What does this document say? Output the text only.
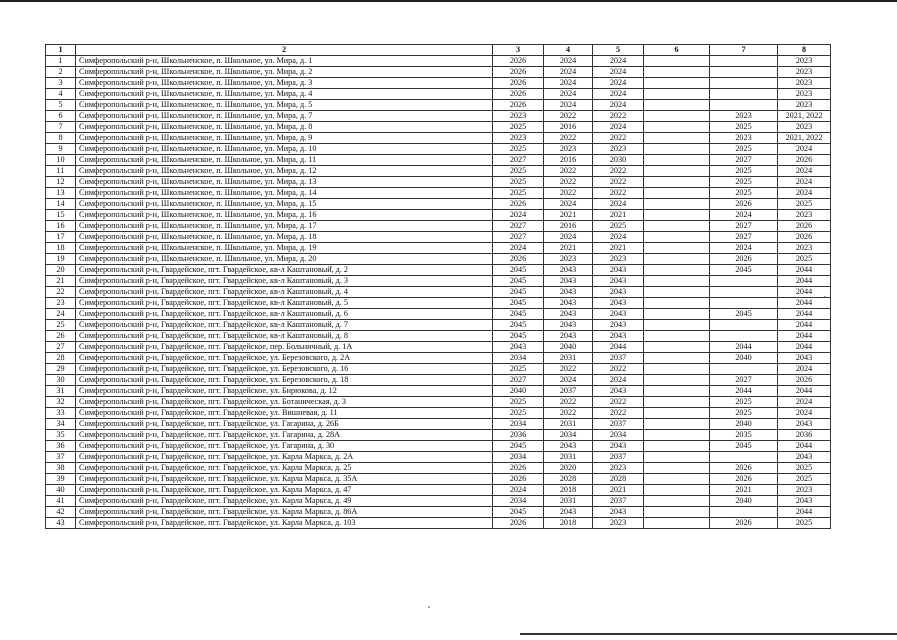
1	2	3	4	5	6	7	8
1	Симферопольский р-н, Школьненское, п. Школьное, ул. Мира, д. 1	2026	2024	2024			2023
2	Симферопольский р-н, Школьненское, п. Школьное, ул. Мира, д. 2	2026	2024	2024			2023
3	Симферопольский р-н, Школьненское, п. Школьное, ул. Мира, д. 3	2026	2024	2024			2023
4	Симферопольский р-н, Школьненское, п. Школьное, ул. Мира, д. 4	2026	2024	2024			2023
5	Симферопольский р-н, Школьненское, п. Школьное, ул. Мира, д. 5	2026	2024	2024			2023
6	Симферопольский р-н, Школьненское, п. Школьное, ул. Мира, д. 7	2023	2022	2022		2023	2021, 2022
7	Симферопольский р-н, Школьненское, п. Школьное, ул. Мира, д. 8	2025	2016	2024		2025	2023
8	Симферопольский р-н, Школьненское, п. Школьное, ул. Мира, д. 9	2023	2022	2022		2023	2021, 2022
9	Симферопольский р-н, Школьненское, п. Школьное, ул. Мира, д. 10	2025	2023	2023		2025	2024
10	Симферопольский р-н, Школьненское, п. Школьное, ул. Мира, д. 11	2027	2016	2030		2027	2026
11	Симферопольский р-н, Школьненское, п. Школьное, ул. Мира, д. 12	2025	2022	2022		2025	2024
12	Симферопольский р-н, Школьненское, п. Школьное, ул. Мира, д. 13	2025	2022	2022		2025	2024
13	Симферопольский р-н, Школьненское, п. Школьное, ул. Мира, д. 14	2025	2022	2022		2025	2024
14	Симферопольский р-н, Школьненское, п. Школьное, ул. Мира, д. 15	2026	2024	2024		2026	2025
15	Симферопольский р-н, Школьненское, п. Школьное, ул. Мира, д. 16	2024	2021	2021		2024	2023
16	Симферопольский р-н, Школьненское, п. Школьное, ул. Мира, д. 17	2027	2016	2025		2027	2026
17	Симферопольский р-н, Школьненское, п. Школьное, ул. Мира, д. 18	2027	2024	2024		2027	2026
18	Симферопольский р-н, Школьненское, п. Школьное, ул. Мира, д. 19	2024	2021	2021		2024	2023
19	Симферопольский р-н, Школьненское, п. Школьное, ул. Мира, д. 20	2026	2023	2023		2026	2025
20	Симферопольский р-н, Гвардейское, пгт. Гвардейское, кв-л Каштановый, д. 2	2045	2043	2043		2045	2044
21	Симферопольский р-н, Гвардейское, пгт. Гвардейское, кв-л Каштановый, д. 3	2045	2043	2043			2044
22	Симферопольский р-н, Гвардейское, пгт. Гвардейское, кв-л Каштановый, д. 4	2045	2043	2043			2044
23	Симферопольский р-н, Гвардейское, пгт. Гвардейское, кв-л Каштановый, д. 5	2045	2043	2043			2044
24	Симферопольский р-н, Гвардейское, пгт. Гвардейское, кв-л Каштановый, д. 6	2045	2043	2043		2045	2044
25	Симферопольский р-н, Гвардейское, пгт. Гвардейское, кв-л Каштановый, д. 7	2045	2043	2043			2044
26	Симферопольский р-н, Гвардейское, пгт. Гвардейское, кв-л Каштановый, д. 8	2045	2043	2043			2044
27	Симферопольский р-н, Гвардейское, пгт. Гвардейское, пер. Больничный, д. 1А	2043	2040	2044		2044	2044
28	Симферопольский р-н, Гвардейское, пгт. Гвардейское, ул. Березовского, д. 2А	2034	2031	2037		2040	2043
29	Симферопольский р-н, Гвардейское, пгт. Гвардейское, ул. Березовского, д. 16	2025	2022	2022			2024
30	Симферопольский р-н, Гвардейское, пгт. Гвардейское, ул. Березовского, д. 18	2027	2024	2024		2027	2026
31	Симферопольский р-н, Гвардейское, пгт. Гвардейское, ул. Бирюкова, д. 12	2040	2037	2043		2044	2044
32	Симферопольский р-н, Гвардейское, пгт. Гвардейское, ул. Ботаническая, д. 3	2025	2022	2022		2025	2024
33	Симферопольский р-н, Гвардейское, пгт. Гвардейское, ул. Вишневая, д. 11	2025	2022	2022		2025	2024
34	Симферопольский р-н, Гвардейское, пгт. Гвардейское, ул. Гагарина, д. 26Б	2034	2031	2037		2040	2043
35	Симферопольский р-н, Гвардейское, пгт. Гвардейское, ул. Гагарина, д. 28А	2036	2034	2034		2035	2036
36	Симферопольский р-н, Гвардейское, пгт. Гвардейское, ул. Гагарина, д. 30	2045	2043	2043		2045	2044
37	Симферопольский р-н, Гвардейское, пгт. Гвардейское, ул. Карла Маркса, д. 2А	2034	2031	2037			2043
38	Симферопольский р-н, Гвардейское, пгт. Гвардейское, ул. Карла Маркса, д. 25	2026	2020	2023		2026	2025
39	Симферопольский р-н, Гвардейское, пгт. Гвардейское, ул. Карла Маркса, д. 35А	2026	2028	2028		2026	2025
40	Симферопольский р-н, Гвардейское, пгт. Гвардейское, ул. Карла Маркса, д. 47	2024	2018	2021		2021	2023
41	Симферопольский р-н, Гвардейское, пгт. Гвардейское, ул. Карла Маркса, д. 49	2034	2031	2037		2040	2043
42	Симферопольский р-н, Гвардейское, пгт. Гвардейское, ул. Карла Маркса, д. 86А	2045	2043	2043			2044
43	Симферопольский р-н, Гвардейское, пгт. Гвардейское, ул. Карла Маркса, д. 103	2026	2018	2023		2026	2025
